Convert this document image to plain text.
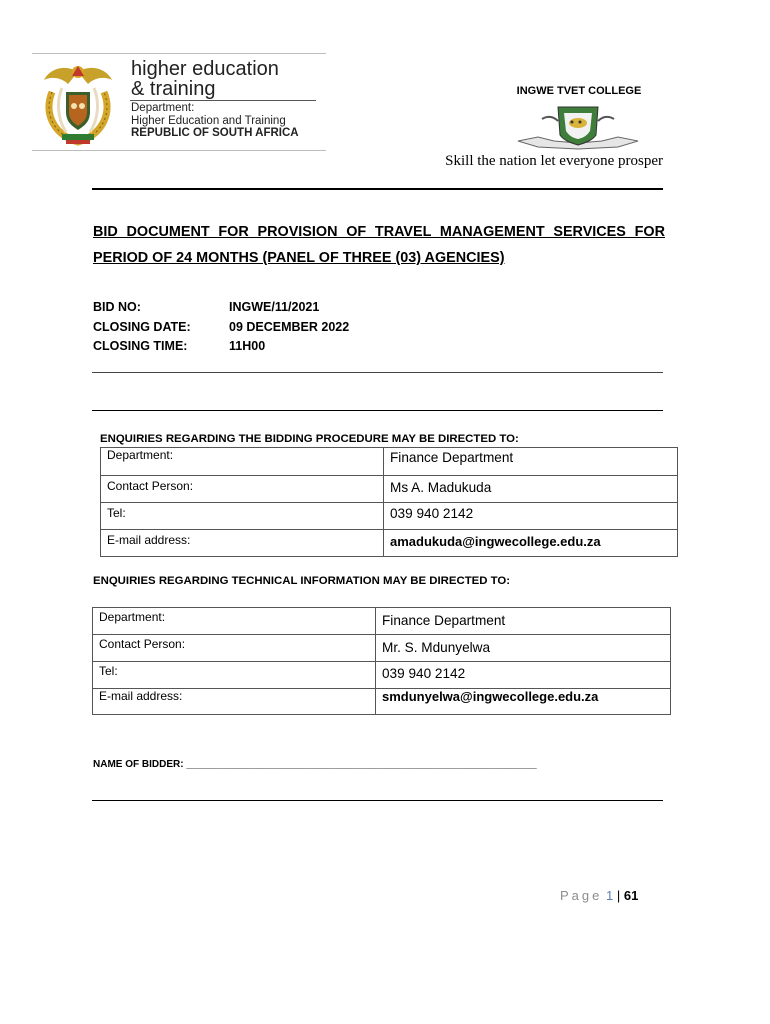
higher education
& training
Department:
Higher Education and Training
REPUBLIC OF SOUTH AFRICA
INGWE TVET COLLEGE
Skill the nation let everyone prosper
BID DOCUMENT FOR PROVISION OF TRAVEL MANAGEMENT SERVICES FOR PERIOD OF 24 MONTHS (PANEL OF THREE (03) AGENCIES)
BID NO:	INGWE/11/2021
CLOSING DATE:	09 DECEMBER 2022
CLOSING TIME:	11H00
ENQUIRIES REGARDING THE BIDDING PROCEDURE MAY BE DIRECTED TO:
Department:	Finance Department
Contact Person:	Ms A. Madukuda
Tel:	039 940 2142
E-mail address:	amadukuda@ingwecollege.edu.za
ENQUIRIES REGARDING TECHNICAL INFORMATION MAY BE DIRECTED TO:
Department:	Finance Department
Contact Person:	Mr. S. Mdunyelwa
Tel:	039 940 2142
E-mail address:	smdunyelwa@ingwecollege.edu.za
NAME OF BIDDER: _______________________________________________________________
Page 1 | 61
